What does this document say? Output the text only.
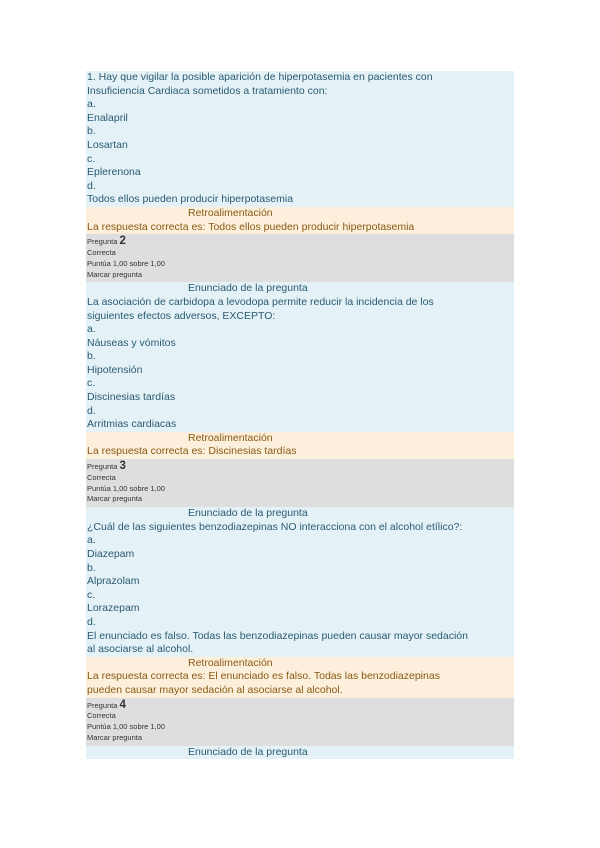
1. Hay que vigilar la posible aparición de hiperpotasemia en pacientes con
Insuficiencia Cardiaca sometidos a tratamiento con:
a.
Enalapril
b.
Losartan
c.
Eplerenona
d.
Todos ellos pueden producir hiperpotasemia
Retroalimentación
La respuesta correcta es: Todos ellos pueden producir hiperpotasemia
Pregunta 2
Correcta
Puntúa 1,00 sobre 1,00
Marcar pregunta
Enunciado de la pregunta
La asociación de carbidopa a levodopa permite reducir la incidencia de los
siguientes efectos adversos, EXCEPTO:
a.
Náuseas y vómitos
b.
Hipotensión
c.
Discinesias tardías
d.
Arritmias cardiacas
Retroalimentación
La respuesta correcta es: Discinesias tardías
Pregunta 3
Correcta
Puntúa 1,00 sobre 1,00
Marcar pregunta
Enunciado de la pregunta
¿Cuál de las siguientes benzodiazepinas NO interacciona con el alcohol etílico?:
a.
Diazepam
b.
Alprazolam
c.
Lorazepam
d.
El enunciado es falso. Todas las benzodiazepinas pueden causar mayor sedación
al asociarse al alcohol.
Retroalimentación
La respuesta correcta es: El enunciado es falso. Todas las benzodiazepinas
pueden causar mayor sedación al asociarse al alcohol.
Pregunta 4
Correcta
Puntúa 1,00 sobre 1,00
Marcar pregunta
Enunciado de la pregunta
